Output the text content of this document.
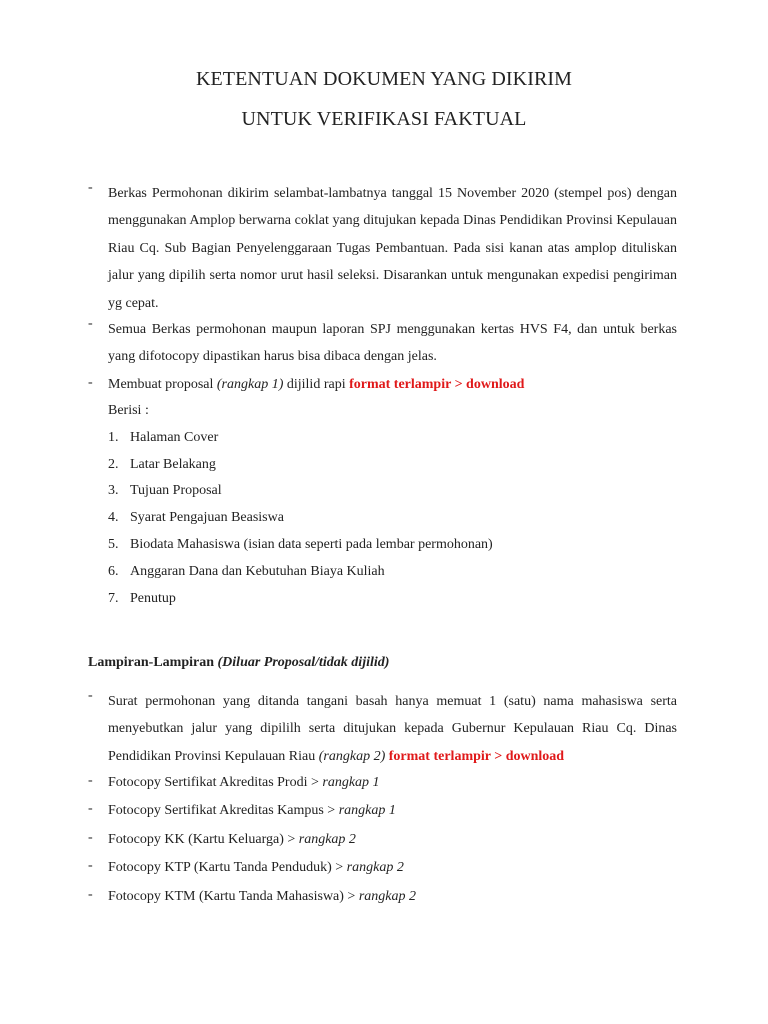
KETENTUAN DOKUMEN YANG DIKIRIM
UNTUK VERIFIKASI FAKTUAL
- Berkas Permohonan dikirim selambat-lambatnya tanggal 15 November 2020 (stempel pos) dengan menggunakan Amplop berwarna coklat yang ditujukan kepada Dinas Pendidikan Provinsi Kepulauan Riau Cq. Sub Bagian Penyelenggaraan Tugas Pembantuan. Pada sisi kanan atas amplop dituliskan jalur yang dipilih serta nomor urut hasil seleksi. Disarankan untuk mengunakan expedisi pengiriman yg cepat.
- Semua Berkas permohonan maupun laporan SPJ menggunakan kertas HVS F4, dan untuk berkas yang difotocopy dipastikan harus bisa dibaca dengan jelas.
- Membuat proposal (rangkap 1) dijilid rapi format terlampir > download
Berisi :
1. Halaman Cover
2. Latar Belakang
3. Tujuan Proposal
4. Syarat Pengajuan Beasiswa
5. Biodata Mahasiswa (isian data seperti pada lembar permohonan)
6. Anggaran Dana dan Kebutuhan Biaya Kuliah
7. Penutup
Lampiran-Lampiran (Diluar Proposal/tidak dijilid)
- Surat permohonan yang ditanda tangani basah hanya memuat 1 (satu) nama mahasiswa serta menyebutkan jalur yang dipililh serta ditujukan kepada Gubernur Kepulauan Riau Cq. Dinas Pendidikan Provinsi Kepulauan Riau (rangkap 2) format terlampir > download
- Fotocopy Sertifikat Akreditas Prodi > rangkap 1
- Fotocopy Sertifikat Akreditas Kampus > rangkap 1
- Fotocopy KK (Kartu Keluarga) > rangkap 2
- Fotocopy KTP (Kartu Tanda Penduduk) > rangkap 2
- Fotocopy KTM (Kartu Tanda Mahasiswa) > rangkap 2
